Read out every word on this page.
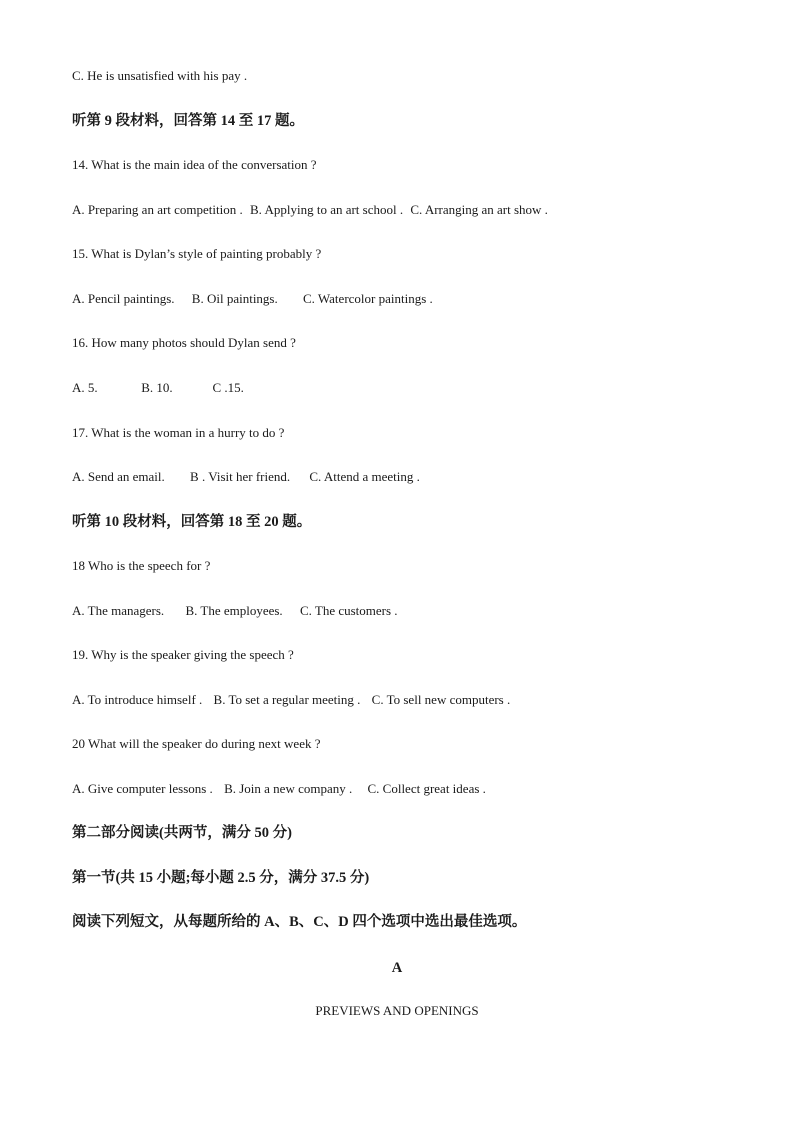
C. He is unsatisfied with his pay .

听第 9 段材料，回答第 14 至 17 题。

14. What is the main idea of the conversation ?

A. Preparing an art competition . B. Applying to an art school . C. Arranging an art show .

15. What is Dylan’s style of painting probably ?

A. Pencil paintings. B. Oil paintings. C. Watercolor paintings .

16. How many photos should Dylan send ?

A. 5.	B. 10.	C .15.

17. What is the woman in a hurry to do ?

A. Send an email. B . Visit her friend. C. Attend a meeting .

听第 10 段材料，回答第 18 至 20 题。

18 Who is the speech for ?

A. The managers. B. The employees. C. The customers .

19. Why is the speaker giving the speech ?

A. To introduce himself . B. To set a regular meeting . C. To sell new computers .

20 What will the speaker do during next week ?

A. Give computer lessons . B. Join a new company . C. Collect great ideas .

第二部分阅读(共两节，满分 50 分)

第一节(共 15 小题;每小题 2.5 分，满分 37.5 分)

阅读下列短文，从每题所给的 A、B、C、D 四个选项中选出最佳选项。

A

PREVIEWS AND OPENINGS
